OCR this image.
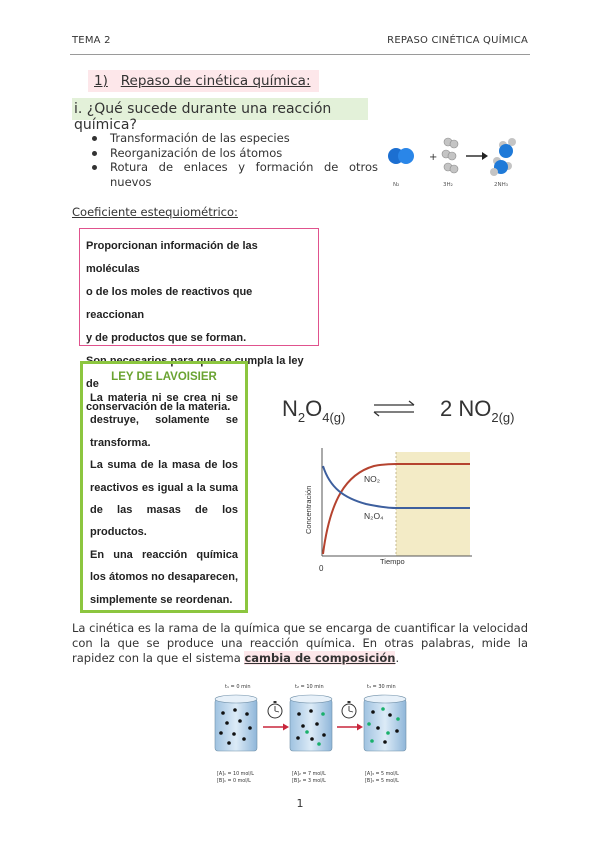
TEMA 2	REPASO CINÉTICA QUÍMICA
1) Repaso de cinética química:
i. ¿Qué sucede durante una reacción química?
Transformación de las especies
Reorganización de los átomos
Rotura de enlaces y formación de otros nuevos
+
N₂	3H₂	2NH₃
Coeficiente estequiométrico:
Proporcionan información de las moléculas
o de los moles de reactivos que reaccionan
y de productos que se forman.
Son necesarios para que se cumpla la ley de
conservación de la materia.
LEY DE LAVOISIER
La materia ni se crea ni se destruye, solamente se transforma.
La suma de la masa de los reactivos es igual a la suma de las masas de los productos.
En una reacción química los átomos no desaparecen, simplemente se reordenan.
$N_2O_{4(g)}$	2 $NO_{2(g)}$
NO₂
N₂O₄
Concentración
Tiempo
0
La cinética es la rama de la química que se encarga de cuantificar la velocidad con la que se produce una reacción química. En otras palabras, mide la rapidez con la que el sistema cambia de composición.
t₁ = 0 min	t₂ = 10 min	t₃ = 30 min
[A]₁ = 10 mol/L
[B]₁ = 0 mol/L
[A]₂ = 7 mol/L
[B]₂ = 3 mol/L
[A]₃ = 5 mol/L
[B]₃ = 5 mol/L
1
